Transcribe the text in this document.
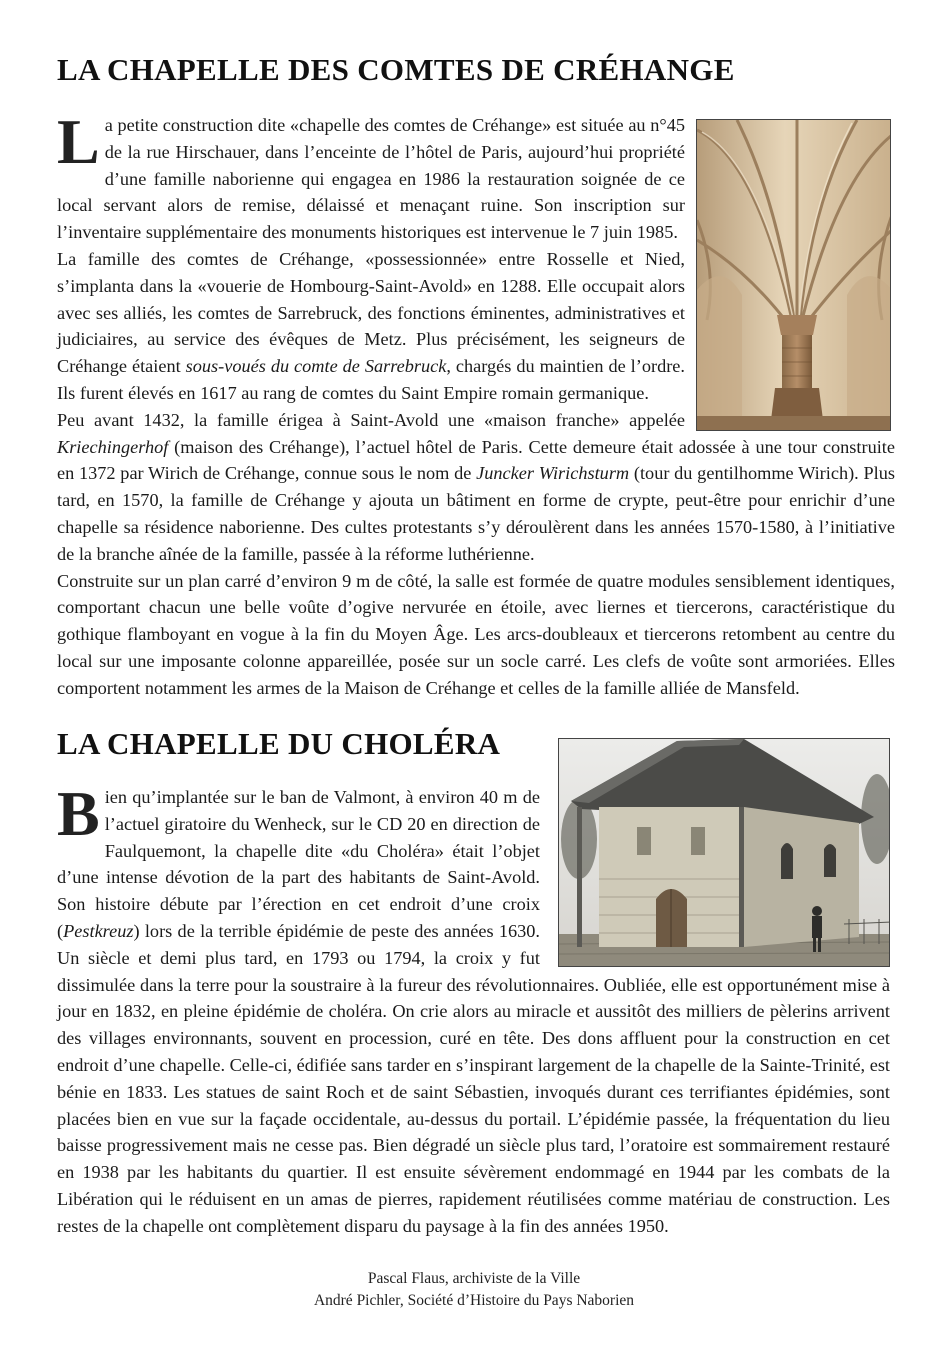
LA CHAPELLE DES COMTES DE CRÉHANGE

La petite construction dite «chapelle des comtes de Créhange» est située au n°45 de la rue Hirschauer, dans l’enceinte de l’hôtel de Paris, aujourd’hui propriété d’une famille naborienne qui engagea en 1986 la restauration soignée de ce local servant alors de remise, délaissé et menaçant ruine. Son inscription sur l’inventaire supplémentaire des monuments historiques est intervenue le 7 juin 1985.

La famille des comtes de Créhange, «possessionnée» entre Rosselle et Nied, s’implanta dans la «vouerie de Hombourg-Saint-Avold» en 1288. Elle occupait alors avec ses alliés, les comtes de Sarrebruck, des fonctions éminentes, administratives et judiciaires, au service des évêques de Metz. Plus précisément, les seigneurs de Créhange étaient sous-voués du comte de Sarrebruck, chargés du maintien de l’ordre. Ils furent élevés en 1617 au rang de comtes du Saint Empire romain germanique.

Peu avant 1432, la famille érigea à Saint-Avold une «maison franche» appelée Kriechingerhof (maison des Créhange), l’actuel hôtel de Paris. Cette demeure était adossée à une tour construite en 1372 par Wirich de Créhange, connue sous le nom de Juncker Wirichsturm (tour du gentilhomme Wirich). Plus tard, en 1570, la famille de Créhange y ajouta un bâtiment en forme de crypte, peut-être pour enrichir d’une chapelle sa résidence naborienne. Des cultes protestants s’y déroulèrent dans les années 1570-1580, à l’initiative de la branche aînée de la famille, passée à la réforme luthérienne.

Construite sur un plan carré d’environ 9 m de côté, la salle est formée de quatre modules sensiblement identiques, comportant chacun une belle voûte d’ogive nervurée en étoile, avec liernes et tiercerons, caractéristique du gothique flamboyant en vogue à la fin du Moyen Âge. Les arcs-doubleaux et tiercerons retombent au centre du local sur une imposante colonne appareillée, posée sur un socle carré. Les clefs de voûte sont armoriées. Elles comportent notamment les armes de la Maison de Créhange et celles de la famille alliée de Mansfeld.

LA CHAPELLE DU CHOLÉRA

Bien qu’implantée sur le ban de Valmont, à environ 40 m de l’actuel giratoire du Wenheck, sur le CD 20 en direction de Faulquemont, la chapelle dite «du Choléra» était l’objet d’une intense dévotion de la part des habitants de Saint-Avold. Son histoire débute par l’érection en cet endroit d’une croix (Pestkreuz) lors de la terrible épidémie de peste des années 1630. Un siècle et demi plus tard, en 1793 ou 1794, la croix y fut dissimulée dans la terre pour la soustraire à la fureur des révolutionnaires. Oubliée, elle est opportunément mise à jour en 1832, en pleine épidémie de choléra. On crie alors au miracle et aussitôt des milliers de pèlerins arrivent des villages environnants, souvent en procession, curé en tête. Des dons affluent pour la construction en cet endroit d’une chapelle. Celle-ci, édifiée sans tarder en s’inspirant largement de la chapelle de la Sainte-Trinité, est bénie en 1833. Les statues de saint Roch et de saint Sébastien, invoqués durant ces terrifiantes épidémies, sont placées bien en vue sur la façade occidentale, au-dessus du portail. L’épidémie passée, la fréquentation du lieu baisse progressivement mais ne cesse pas. Bien dégradé un siècle plus tard, l’oratoire est sommairement restauré en 1938 par les habitants du quartier. Il est ensuite sévèrement endommagé en 1944 par les combats de la Libération qui le réduisent en un amas de pierres, rapidement réutilisées comme matériau de construction. Les restes de la chapelle ont complètement disparu du paysage à la fin des années 1950.

Pascal Flaus, archiviste de la Ville
André Pichler, Société d’Histoire du Pays Naborien
